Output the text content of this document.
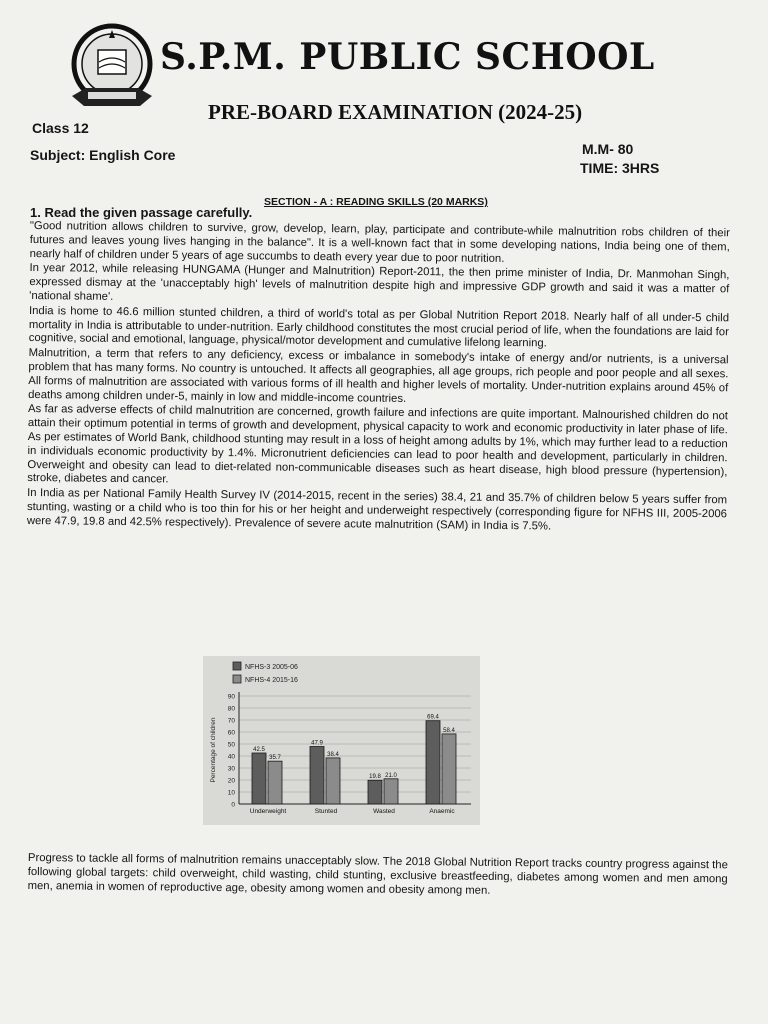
S.P.M. PUBLIC SCHOOL
PRE-BOARD EXAMINATION (2024-25)
Class 12
Subject: English Core	M.M- 80
TIME: 3HRS
SECTION - A : READING SKILLS (20 MARKS)
1. Read the given passage carefully.

"Good nutrition allows children to survive, grow, develop, learn, play, participate and contribute-while malnutrition robs children of their futures and leaves young lives hanging in the balance". It is a well-known fact that in some developing nations, India being one of them, nearly half of children under 5 years of age succumbs to death every year due to poor nutrition.

In year 2012, while releasing HUNGAMA (Hunger and Malnutrition) Report-2011, the then prime minister of India, Dr. Manmohan Singh, expressed dismay at the 'unacceptably high' levels of malnutrition despite high and impressive GDP growth and said it was a matter of 'national shame'.

India is home to 46.6 million stunted children, a third of world's total as per Global Nutrition Report 2018. Nearly half of all under-5 child mortality in India is attributable to under-nutrition. Early childhood constitutes the most crucial period of life, when the foundations are laid for cognitive, social and emotional, language, physical/motor development and cumulative lifelong learning.

Malnutrition, a term that refers to any deficiency, excess or imbalance in somebody's intake of energy and/or nutrients, is a universal problem that has many forms. No country is untouched. It affects all geographies, all age groups, rich people and poor people and all sexes. All forms of malnutrition are associated with various forms of ill health and higher levels of mortality. Under-nutrition explains around 45% of deaths among children under-5, mainly in low and middle-income countries.

As far as adverse effects of child malnutrition are concerned, growth failure and infections are quite important. Malnourished children do not attain their optimum potential in terms of growth and development, physical capacity to work and economic productivity in later phase of life. As per estimates of World Bank, childhood stunting may result in a loss of height among adults by 1%, which may further lead to a reduction in individuals economic productivity by 1.4%. Micronutrient deficiencies can lead to poor health and development, particularly in children. Overweight and obesity can lead to diet-related non-communicable diseases such as heart disease, high blood pressure (hypertension), stroke, diabetes and cancer.

In India as per National Family Health Survey IV (2014-2015, recent in the series) 38.4, 21 and 35.7% of children below 5 years suffer from stunting, wasting or a child who is too thin for his or her height and underweight respectively (corresponding figure for NFHS III, 2005-2006 were 47.9, 19.8 and 42.5% respectively). Prevalence of severe acute malnutrition (SAM) in India is 7.5%.

NFHS-3 2005-06
NFHS-4 2015-16
0
10
20
30
40
50
60
70
80
90
Percentage of children	42.5
35.7
Underweight
47.9
38.4
Stunted
19.8 21.0
Wasted
69.4
58.4
Anaemic

Progress to tackle all forms of malnutrition remains unacceptably slow. The 2018 Global Nutrition Report tracks country progress against the following global targets: child overweight, child wasting, child stunting, exclusive breastfeeding, diabetes among women and men among men, anemia in women of reproductive age, obesity among women and obesity among men.
